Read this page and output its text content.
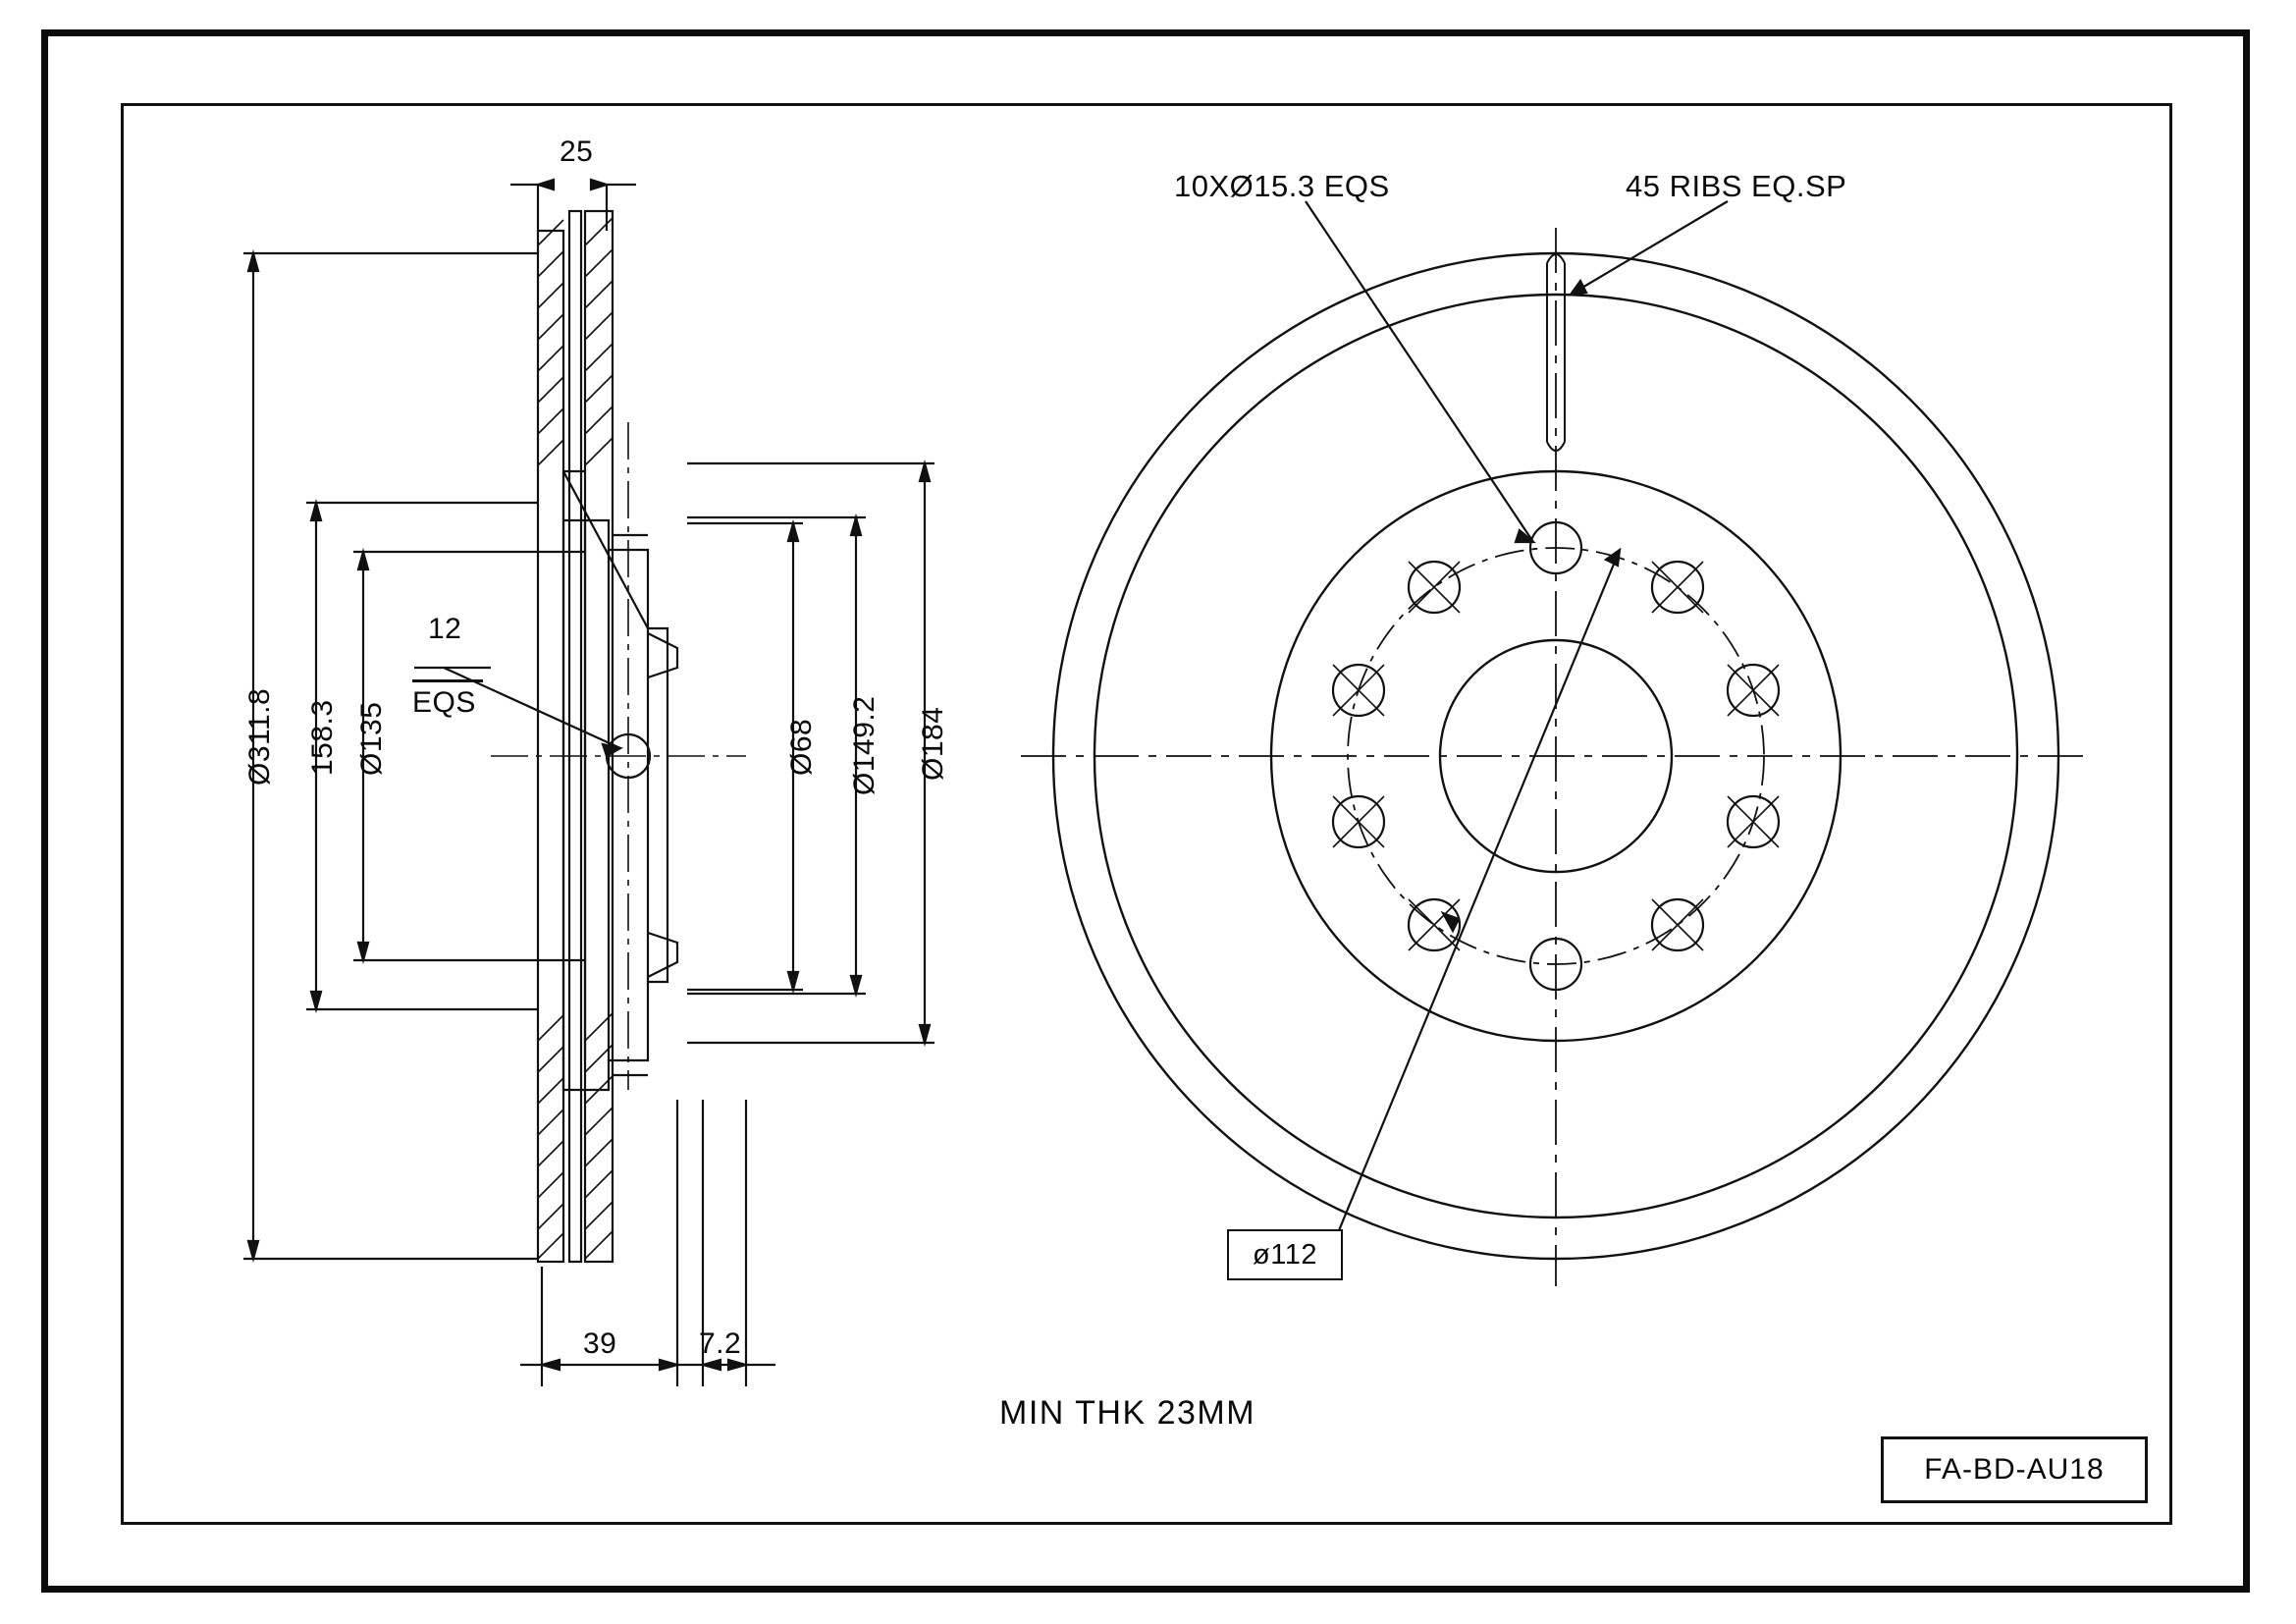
25
Ø311.8 158.3 Ø135	Ø68 Ø149.2 Ø184
39	7.2
12
EQS
10XØ15.3 EQS	45 RIBS EQ.SP
ø112
MIN THK 23MM
FA-BD-AU18
